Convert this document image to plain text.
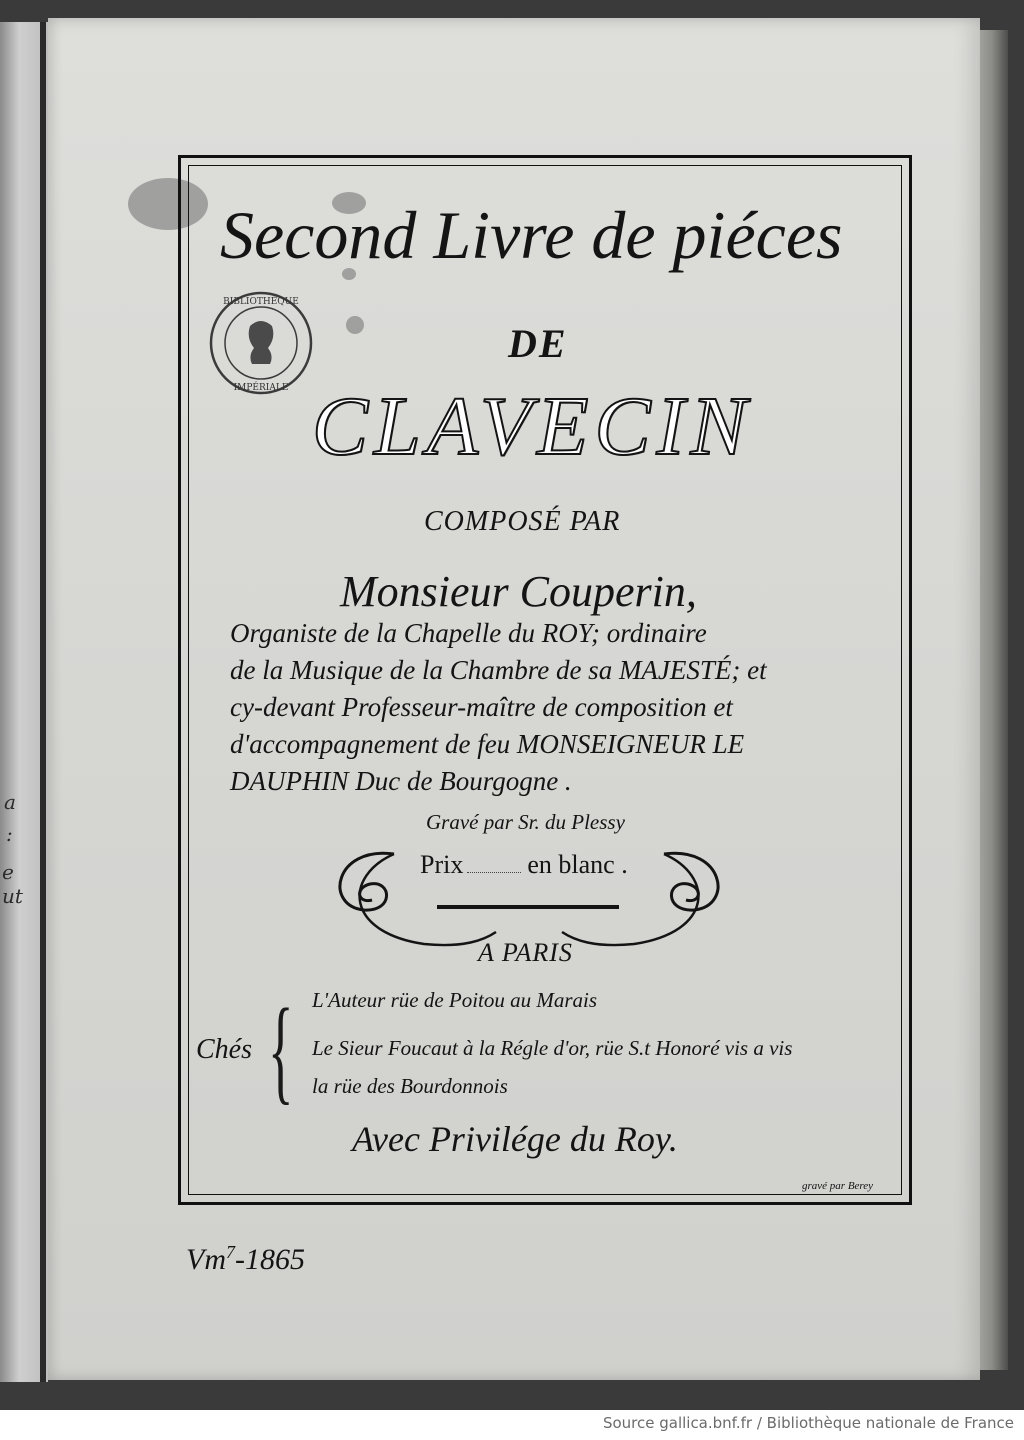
a
:
e ut
BIBLIOTHÈQUE
IMPÉRIALE
Second Livre de piéces
DE
CLAVECIN
COMPOSÉ PAR
Monsieur Couperin,
Organiste de la Chapelle du ROY; ordinaire
de la Musique de la Chambre de sa MAJESTÉ; et
cy-devant Professeur-maître de composition et
d'accompagnement de feu MONSEIGNEUR LE
DAUPHIN Duc de Bourgogne .
Gravé par Sr. du Plessy
Prix en blanc .
A PARIS
Chés { L'Auteur rüe de Poitou au Marais
Le Sieur Foucaut à la Régle d'or, rüe S.t Honoré vis a vis
la rüe des Bourdonnois
Avec Privilége du Roy.
gravé par Berey
Vm$^7$-1865
Source gallica.bnf.fr / Bibliothèque nationale de France
